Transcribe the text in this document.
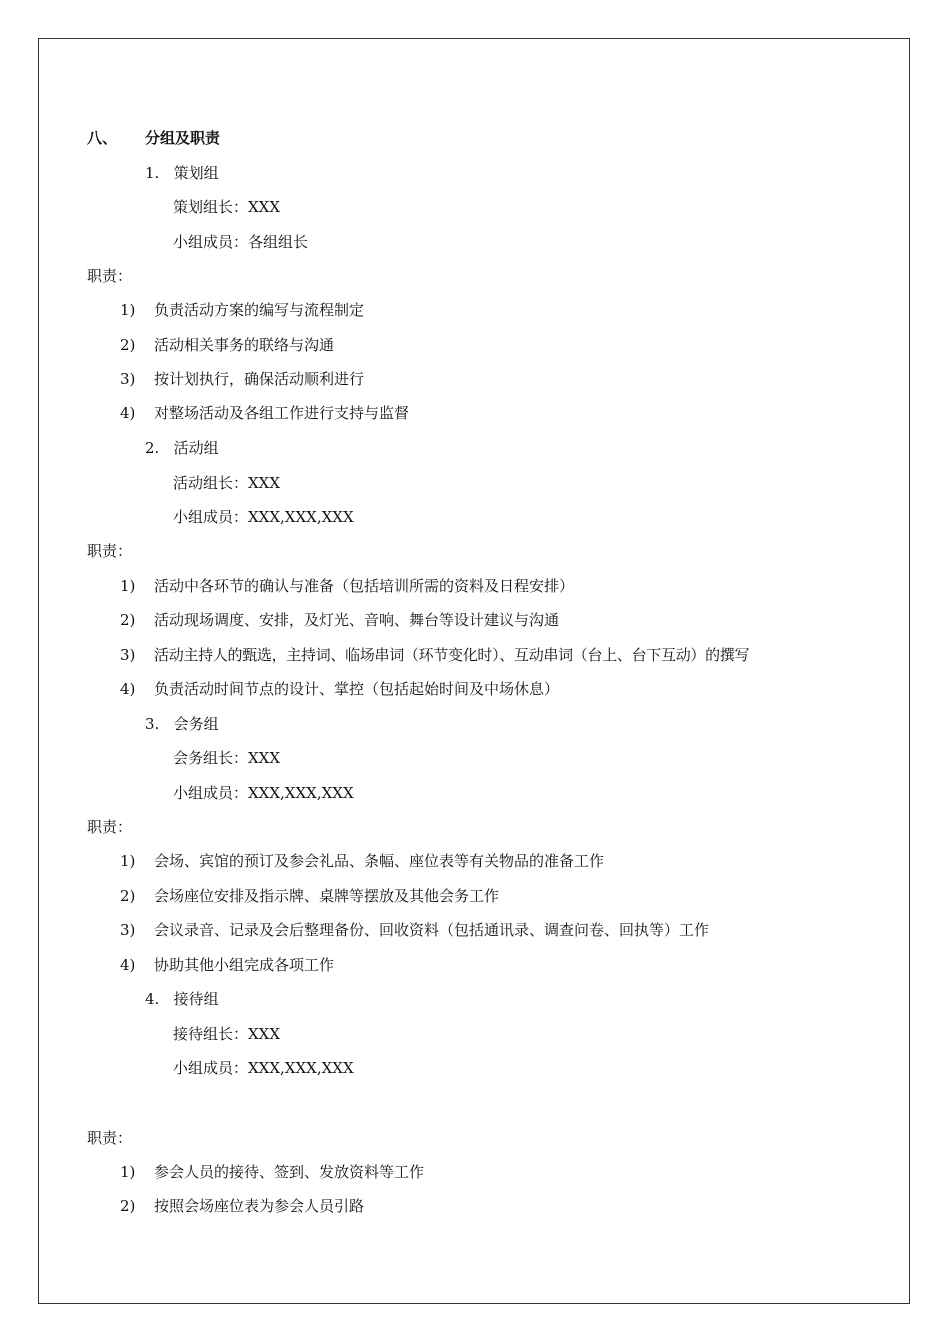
八、 分组及职责
1. 策划组
策划组长：XXX
小组成员：各组组长
职责：
1) 负责活动方案的编写与流程制定
2) 活动相关事务的联络与沟通
3) 按计划执行，确保活动顺利进行
4) 对整场活动及各组工作进行支持与监督
2. 活动组
活动组长：XXX
小组成员：XXX,XXX,XXX
职责：
1) 活动中各环节的确认与准备（包括培训所需的资料及日程安排）
2) 活动现场调度、安排，及灯光、音响、舞台等设计建议与沟通
3) 活动主持人的甄选，主持词、临场串词（环节变化时）、互动串词（台上、台下互动）的撰写
4) 负责活动时间节点的设计、掌控（包括起始时间及中场休息）
3. 会务组
会务组长：XXX
小组成员：XXX,XXX,XXX
职责：
1) 会场、宾馆的预订及参会礼品、条幅、座位表等有关物品的准备工作
2) 会场座位安排及指示牌、桌牌等摆放及其他会务工作
3) 会议录音、记录及会后整理备份、回收资料（包括通讯录、调查问卷、回执等）工作
4) 协助其他小组完成各项工作
4. 接待组
接待组长：XXX
小组成员：XXX,XXX,XXX
职责：
1) 参会人员的接待、签到、发放资料等工作
2) 按照会场座位表为参会人员引路
